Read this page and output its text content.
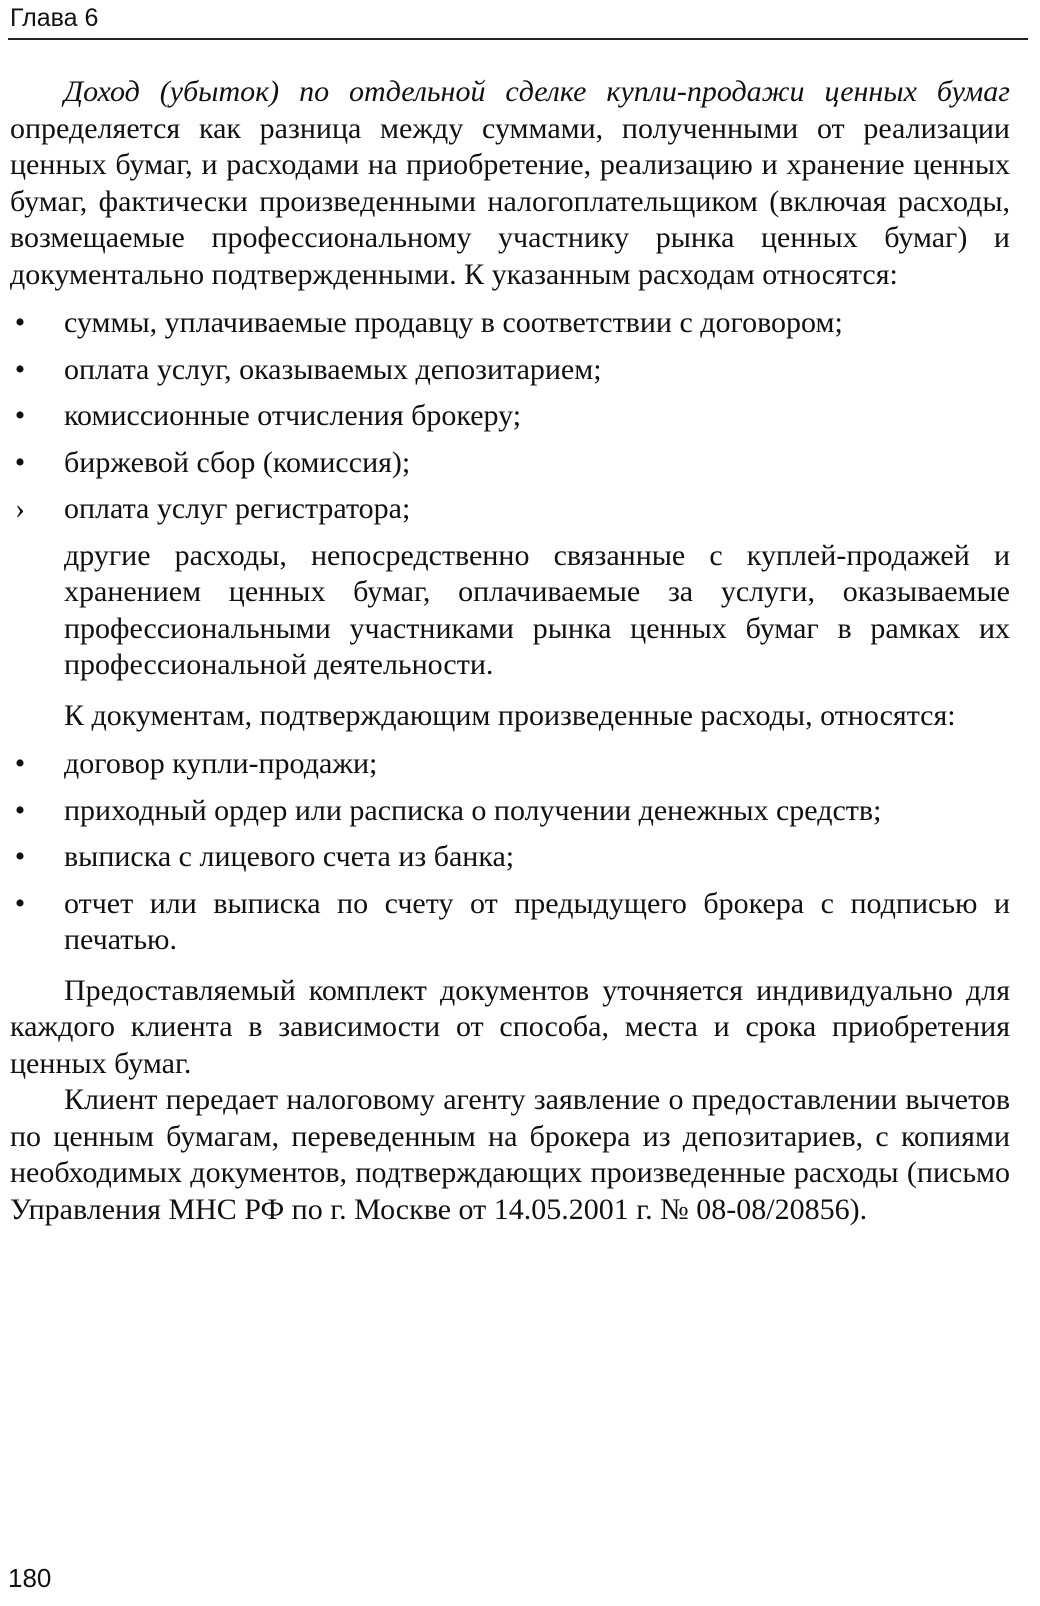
Глава 6

Доход (убыток) по отдельной сделке купли-продажи ценных бумаг определяется как разница между суммами, полученными от реализации ценных бумаг, и расходами на приобретение, реализацию и хранение ценных бумаг, фактически произведенными налогоплательщиком (включая расходы, возмещаемые профессиональному участнику рынка ценных бумаг) и документально подтвержденными. К указанным расходам относятся:

• суммы, уплачиваемые продавцу в соответствии с договором;
• оплата услуг, оказываемых депозитарием;
• комиссионные отчисления брокеру;
• биржевой сбор (комиссия);
› оплата услуг регистратора;

другие расходы, непосредственно связанные с куплей-продажей и хранением ценных бумаг, оплачиваемые за услуги, оказываемые профессиональными участниками рынка ценных бумаг в рамках их профессиональной деятельности.

К документам, подтверждающим произведенные расходы, относятся:

• договор купли-продажи;
• приходный ордер или расписка о получении денежных средств;
• выписка с лицевого счета из банка;
• отчет или выписка по счету от предыдущего брокера с подписью и печатью.

Предоставляемый комплект документов уточняется индивидуально для каждого клиента в зависимости от способа, места и срока приобретения ценных бумаг.

Клиент передает налоговому агенту заявление о предоставлении вычетов по ценным бумагам, переведенным на брокера из депозитариев, с копиями необходимых документов, подтверждающих произведенные расходы (письмо Управления МНС РФ по г. Москве от 14.05.2001 г. № 08-08/20856).

180
